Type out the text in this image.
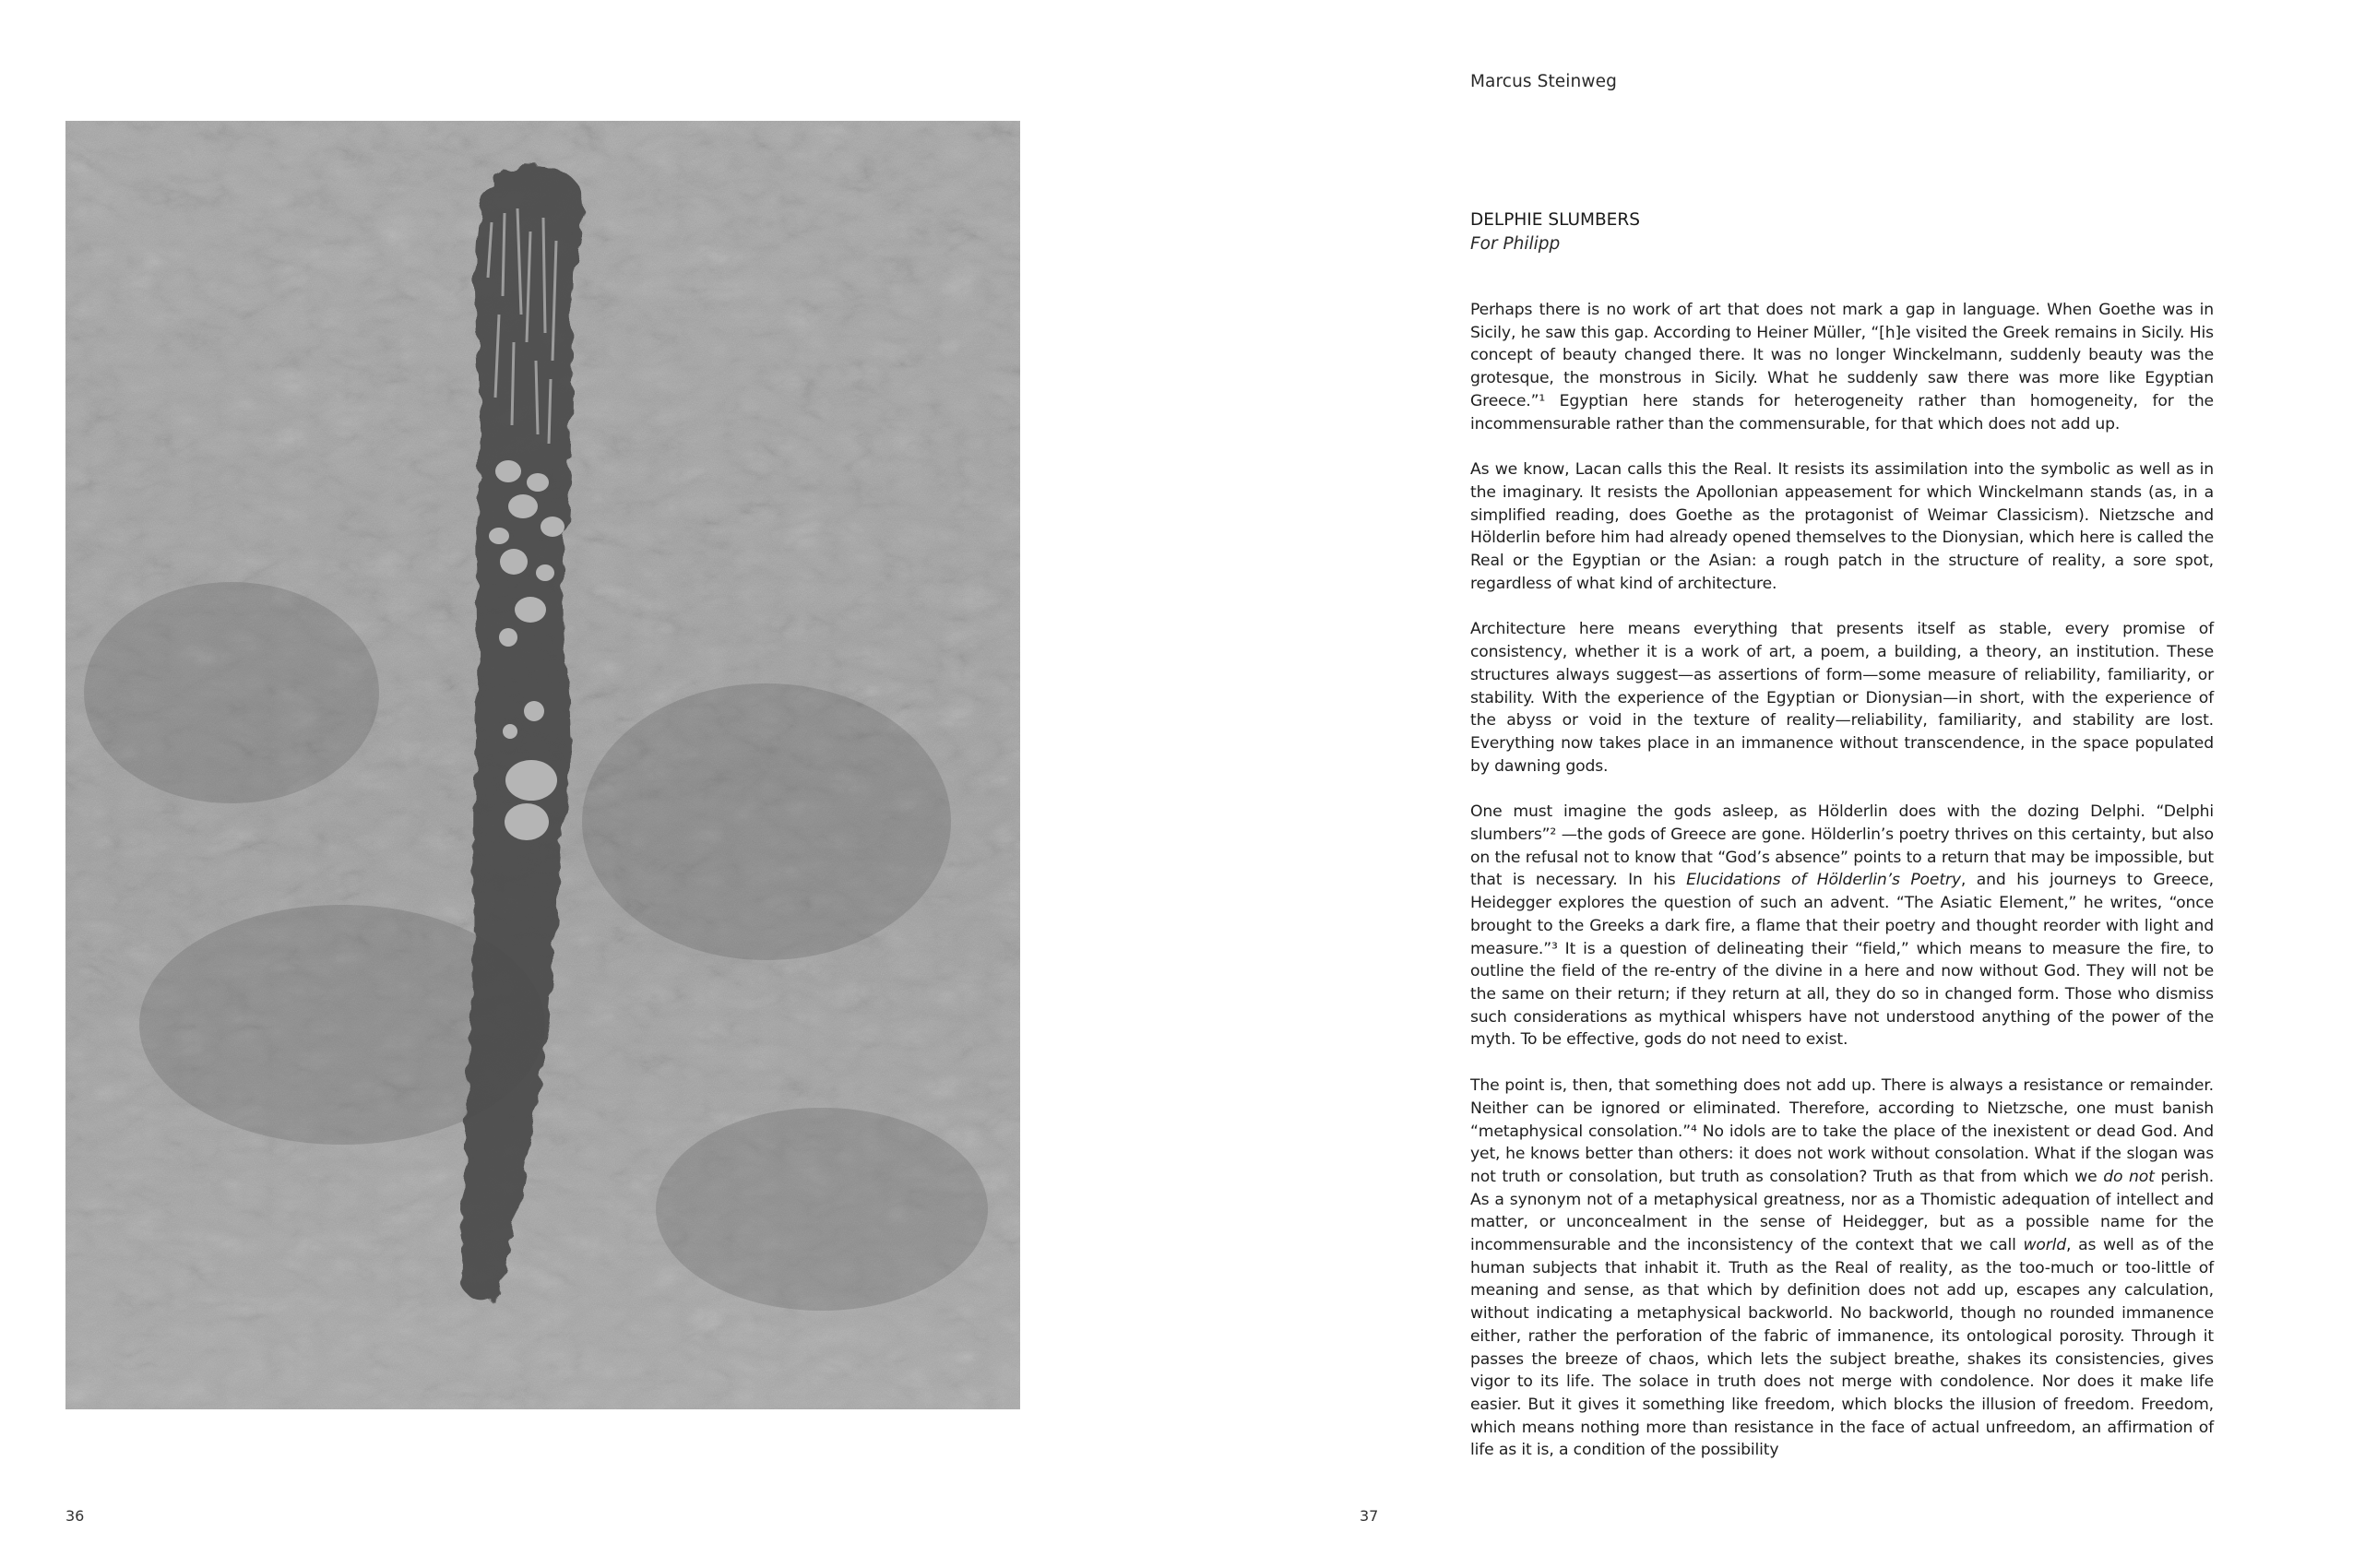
Marcus Steinweg

DELPHIE SLUMBERS

For Philipp

Perhaps there is no work of art that does not mark a gap in language. When Goethe was in Sicily, he saw this gap. According to Heiner Müller, “[h]e visited the Greek remains in Sicily. His concept of beauty changed there. It was no longer Winckelmann, suddenly beauty was the grotesque, the monstrous in Sicily. What he suddenly saw there was more like Egyptian Greece.”¹ Egyptian here stands for heterogeneity rather than homogeneity, for the incommensurable rather than the commensurable, for that which does not add up.

As we know, Lacan calls this the Real. It resists its assimilation into the symbolic as well as in the imaginary. It resists the Apollonian appeasement for which Winckelmann stands (as, in a simplified reading, does Goethe as the protagonist of Weimar Classicism). Nietzsche and Hölderlin before him had already opened themselves to the Dionysian, which here is called the Real or the Egyptian or the Asian: a rough patch in the structure of reality, a sore spot, regardless of what kind of architecture.

Architecture here means everything that presents itself as stable, every promise of consistency, whether it is a work of art, a poem, a building, a theory, an institution. These structures always suggest—as assertions of form—some measure of reliability, familiarity, or stability. With the experience of the Egyptian or Dionysian—in short, with the experience of the abyss or void in the texture of reality—reliability, familiarity, and stability are lost. Everything now takes place in an immanence without transcendence, in the space populated by dawning gods.

One must imagine the gods asleep, as Hölderlin does with the dozing Delphi. “Delphi slumbers”² —the gods of Greece are gone. Hölderlin’s poetry thrives on this certainty, but also on the refusal not to know that “God’s absence” points to a return that may be impossible, but that is necessary. In his Elucidations of Hölderlin’s Poetry, and his journeys to Greece, Heidegger explores the question of such an advent. “The Asiatic Element,” he writes, “once brought to the Greeks a dark fire, a flame that their poetry and thought reorder with light and measure.”³ It is a question of delineating their “field,” which means to measure the fire, to outline the field of the re-entry of the divine in a here and now without God. They will not be the same on their return; if they return at all, they do so in changed form. Those who dismiss such considerations as mythical whispers have not understood anything of the power of the myth. To be effective, gods do not need to exist.

The point is, then, that something does not add up. There is always a resistance or remainder. Neither can be ignored or eliminated. Therefore, according to Nietzsche, one must banish “metaphysical consolation.”⁴ No idols are to take the place of the inexistent or dead God. And yet, he knows better than others: it does not work without consolation. What if the slogan was not truth or consolation, but truth as consolation? Truth as that from which we do not perish. As a synonym not of a metaphysical greatness, nor as a Thomistic adequation of intellect and matter, or unconcealment in the sense of Heidegger, but as a possible name for the incommensurable and the inconsistency of the context that we call world, as well as of the human subjects that inhabit it. Truth as the Real of reality, as the too-much or too-little of meaning and sense, as that which by definition does not add up, escapes any calculation, without indicating a metaphysical backworld. No backworld, though no rounded immanence either, rather the perforation of the fabric of immanence, its ontological porosity. Through it passes the breeze of chaos, which lets the subject breathe, shakes its consistencies, gives vigor to its life. The solace in truth does not merge with condolence. Nor does it make life easier. But it gives it something like freedom, which blocks the illusion of freedom. Freedom, which means nothing more than resistance in the face of actual unfreedom, an affirmation of life as it is, a condition of the possibility

36	37
